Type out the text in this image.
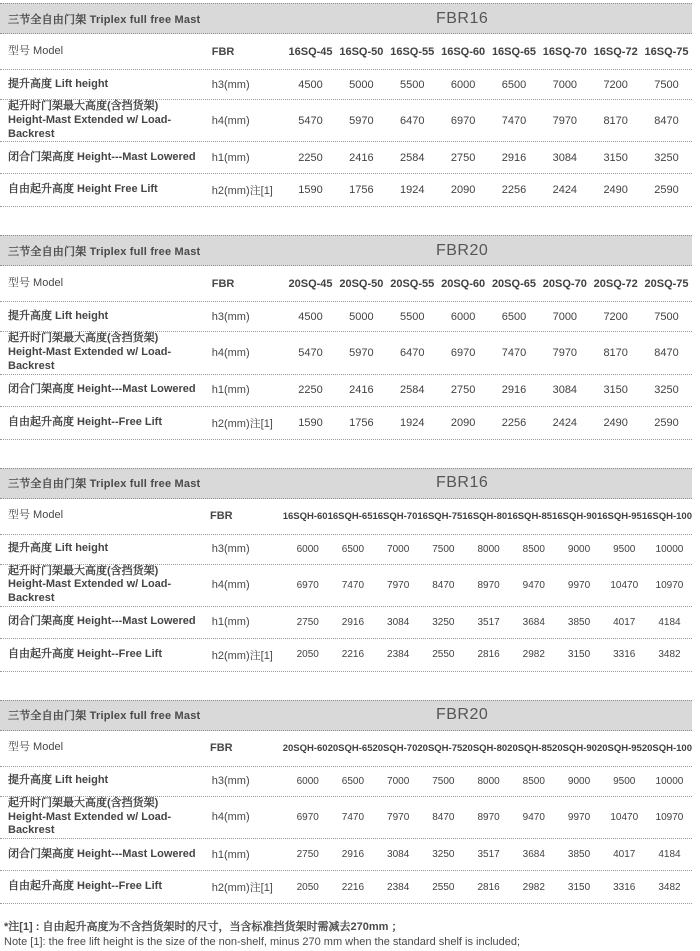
三节全自由门架 Triplex full free Mast	FBR16
型号 Model	FBR	16SQ-45 16SQ-50 16SQ-55 16SQ-60 16SQ-65 16SQ-70 16SQ-72 16SQ-75
提升高度 Lift height	h3(mm)	4500	5000	5500	6000	6500	7000	7200	7500
起升时门架最大高度(含挡货架)
Height-Mast Extended w/ Load-Backrest
h4(mm)	5470	5970	6470	6970	7470	7970	8170	8470
闭合门架高度 Height---Mast Lowered	h1(mm)	2250	2416	2584	2750	2916	3084	3150	3250
自由起升高度 Height Free Lift	h2(mm)注[1]	1590	1756	1924	2090	2256	2424	2490	2590
三节全自由门架 Triplex full free Mast	FBR20
型号 Model	FBR	20SQ-45 20SQ-50 20SQ-55 20SQ-60 20SQ-65 20SQ-70 20SQ-72 20SQ-75
提升高度 Lift height	h3(mm)	4500	5000	5500	6000	6500	7000	7200	7500
起升时门架最大高度(含挡货架)
Height-Mast Extended w/ Load-Backrest
h4(mm)	5470	5970	6470	6970	7470	7970	8170	8470
闭合门架高度 Height---Mast Lowered	h1(mm)	2250	2416	2584	2750	2916	3084	3150	3250
自由起升高度 Height--Free Lift	h2(mm)注[1]	1590	1756	1924	2090	2256	2424	2490	2590
三节全自由门架 Triplex full free Mast	FBR16
型号 Model	FBR	16SQH-60 16SQH-65 16SQH-70 16SQH-75 16SQH-80 16SQH-85 16SQH-90 16SQH-95 16SQH-100
提升高度 Lift height	h3(mm)	6000	6500	7000	7500	8000	8500	9000	9500	10000
起升时门架最大高度(含挡货架)
Height-Mast Extended w/ Load-Backrest
h4(mm)	6970	7470	7970	8470	8970	9470	9970	10470	10970
闭合门架高度 Height---Mast Lowered	h1(mm)	2750	2916	3084	3250	3517	3684	3850	4017	4184
自由起升高度 Height--Free Lift	h2(mm)注[1]	2050	2216	2384	2550	2816	2982	3150	3316	3482
三节全自由门架 Triplex full free Mast	FBR20
型号 Model	FBR	20SQH-60 20SQH-65 20SQH-70 20SQH-75 20SQH-80 20SQH-85 20SQH-90 20SQH-95 20SQH-100
提升高度 Lift height	h3(mm)	6000	6500	7000	7500	8000	8500	9000	9500	10000
起升时门架最大高度(含挡货架)
Height-Mast Extended w/ Load-Backrest
h4(mm)	6970	7470	7970	8470	8970	9470	9970	10470	10970
闭合门架高度 Height---Mast Lowered	h1(mm)	2750	2916	3084	3250	3517	3684	3850	4017	4184
自由起升高度 Height--Free Lift	h2(mm)注[1]	2050	2216	2384	2550	2816	2982	3150	3316	3482
*注[1] : 自由起升高度为不含挡货架时的尺寸，当含标准挡货架时需减去270mm ；
Note [1]: the free lift height is the size of the non-shelf, minus 270 mm when the standard shelf is included;
